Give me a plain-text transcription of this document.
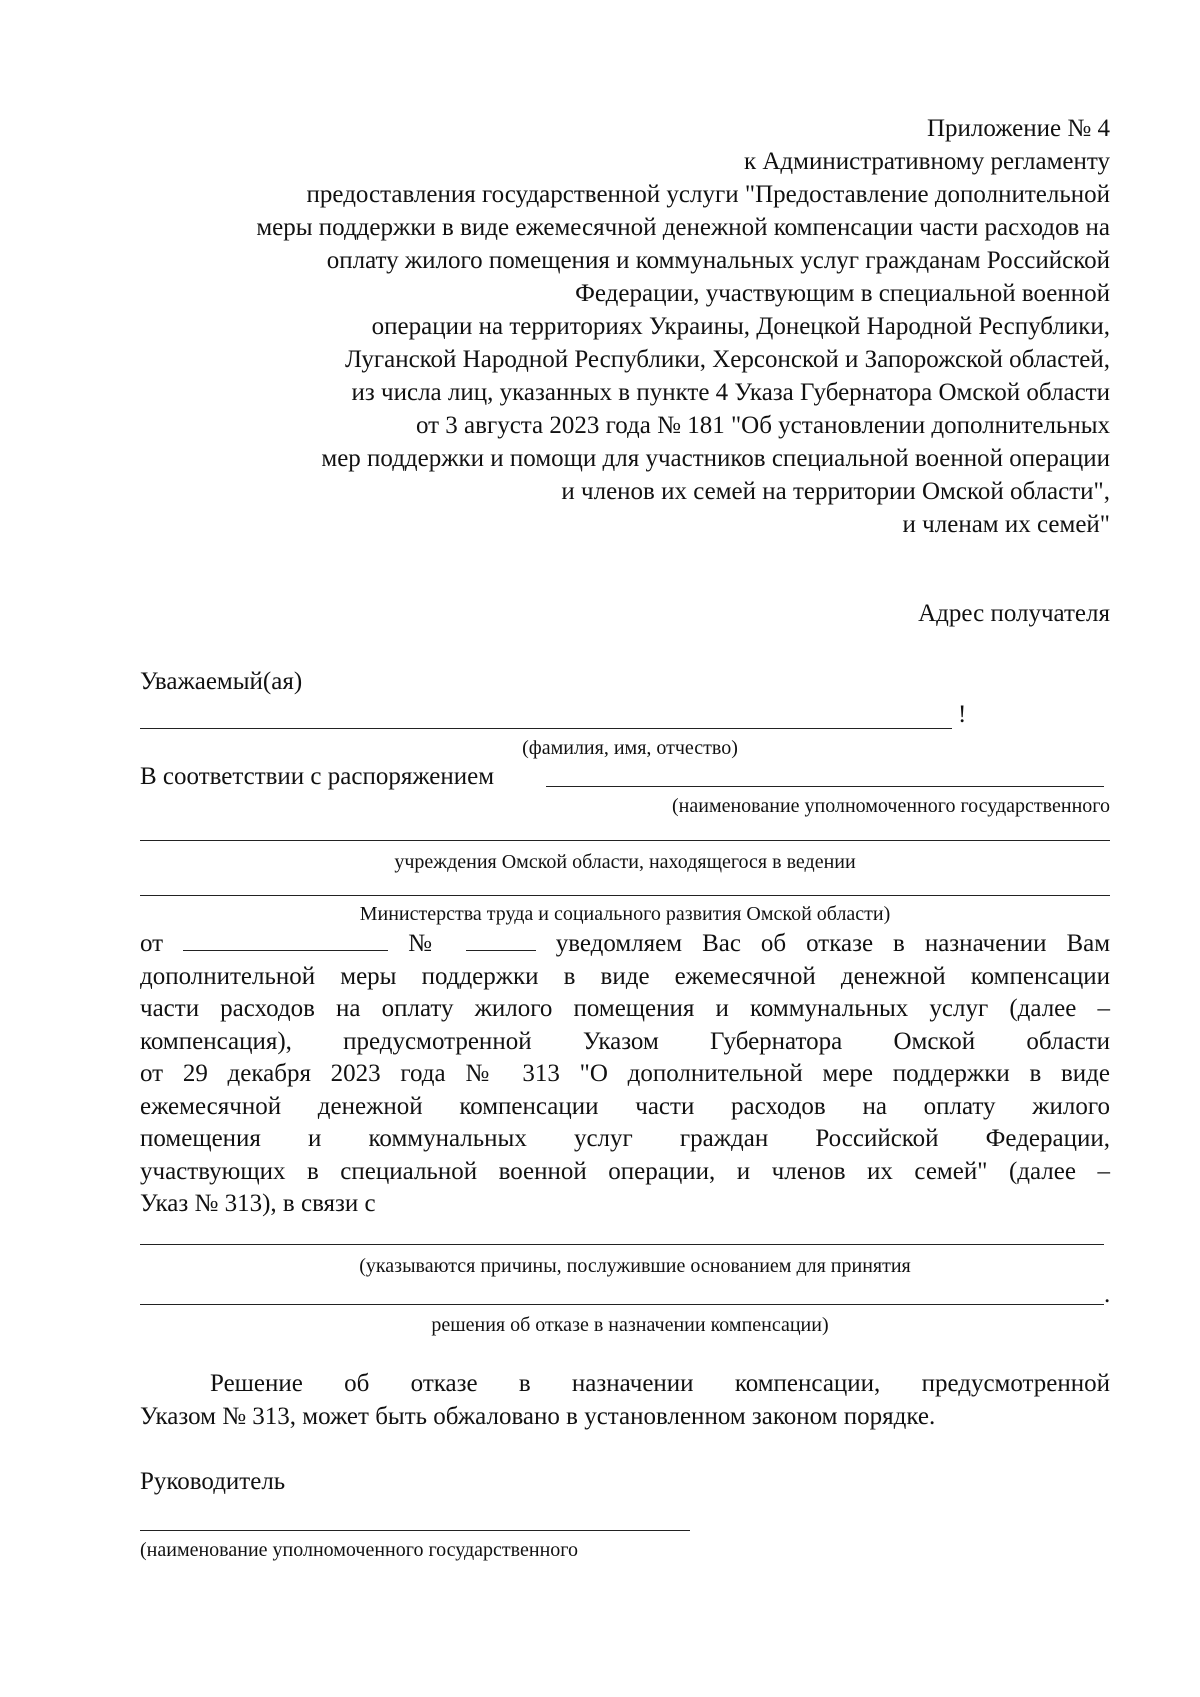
Приложение № 4
к Административному регламенту
предоставления государственной услуги "Предоставление дополнительной
меры поддержки в виде ежемесячной денежной компенсации части расходов на
оплату жилого помещения и коммунальных услуг гражданам Российской
Федерации, участвующим в специальной военной
операции на территориях Украины, Донецкой Народной Республики,
Луганской Народной Республики, Херсонской и Запорожской областей,
из числа лиц, указанных в пункте 4 Указа Губернатора Омской области
от 3 августа 2023 года № 181 "Об установлении дополнительных
мер поддержки и помощи для участников специальной военной операции
и членов их семей на территории Омской области",
и членам их семей"
Адрес получателя
Уважаемый(ая)
!
(фамилия, имя, отчество)
В соответствии с распоряжением
(наименование уполномоченного государственного
учреждения Омской области, находящегося в ведении
Министерства труда и социального развития Омской области)
от	№	уведомляем Вас об отказе в назначении Вам
дополнительной меры поддержки в виде ежемесячной денежной компенсации
части расходов на оплату жилого помещения и коммунальных услуг (далее –
компенсация), предусмотренной Указом Губернатора Омской области
от 29 декабря 2023 года № 313 "О дополнительной мере поддержки в виде
ежемесячной денежной компенсации части расходов на оплату жилого
помещения и коммунальных услуг граждан Российской Федерации,
участвующих в специальной военной операции, и членов их семей" (далее –
Указ № 313), в связи с
(указываются причины, послужившие основанием для принятия
.
решения об отказе в назначении компенсации)
Решение об отказе в назначении компенсации, предусмотренной
Указом № 313, может быть обжаловано в установленном законом порядке.
Руководитель
(наименование уполномоченного государственного
